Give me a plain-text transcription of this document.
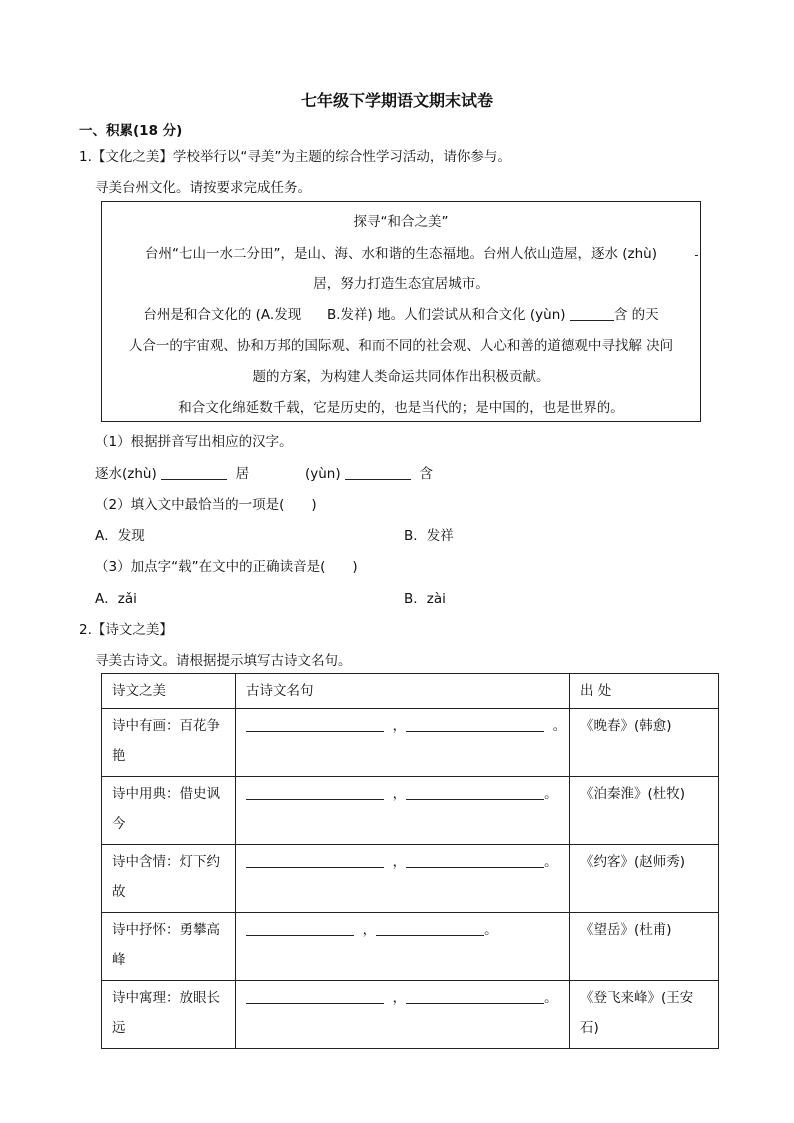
七年级下学期语文期末试卷
一、积累(18 分)
1.【文化之美】学校举行以“寻美”为主题的综合性学习活动，请你参与。
寻美台州文化。请按要求完成任务。
探寻“和合之美”
台州“七山一水二分田”，是山、海、水和谐的生态福地。台州人依山造屋，逐水 (zhù)
居，努力打造生态宜居城市。
台州是和合文化的 (A.发现 B.发祥) 地。人们尝试从和合文化 (yùn)	含 的天
人合一的宇宙观、协和万邦的国际观、和而不同的社会观、人心和善的道德观中寻找解 决问
题的方案，为构建人类命运共同体作出积极贡献。
和合文化绵延数千载，它是历史的，也是当代的；是中国的，也是世界的。
（1）根据拼音写出相应的汉字。
逐水(zhù)	居	(yùn)	含
（2）填入文中最恰当的一项是(　　)
A．发现	B．发祥
（3）加点字“载”在文中的正确读音是(　　)
A．zǎi	B．zài
2.【诗文之美】
寻美古诗文。请根据提示填写古诗文名句。
诗文之美	古诗文名句	出 处
诗中有画：百花争艳	， 。	《晚春》(韩愈)
诗中用典：借史讽今	， 。	《泊秦淮》(杜牧)
诗中含情：灯下约故	， 。	《约客》(赵师秀)
诗中抒怀：勇攀高峰	， 。	《望岳》(杜甫)
诗中寓理：放眼长远	， 。	《登飞来峰》(王安石)
